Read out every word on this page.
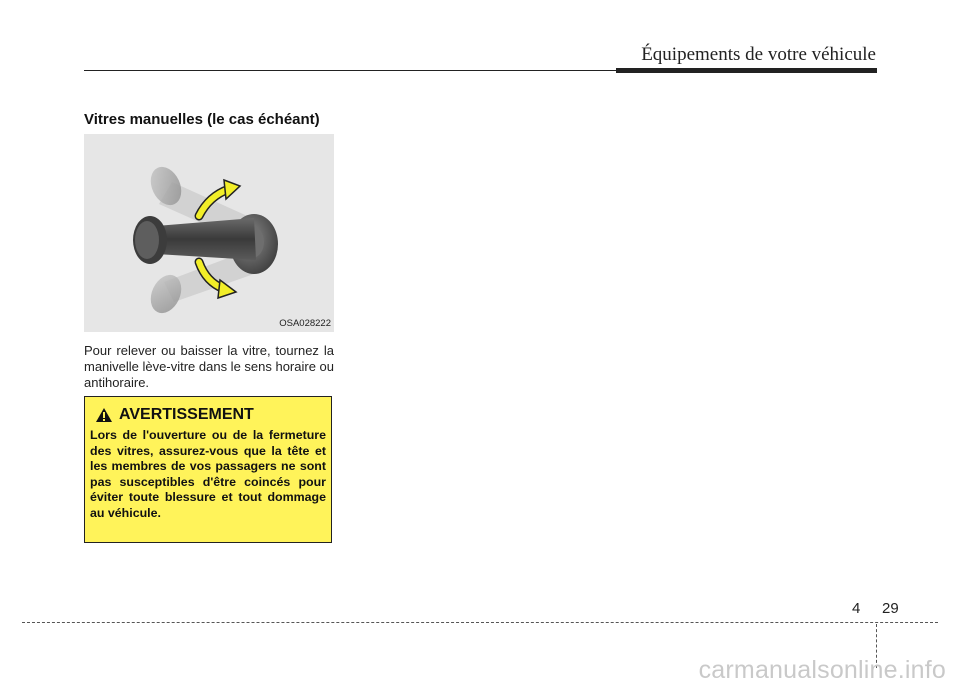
Équipements de votre véhicule
Vitres manuelles (le cas échéant)
OSA028222
Pour relever ou baisser la vitre, tournez la manivelle lève-vitre dans le sens horaire ou antihoraire.
AVERTISSEMENT
Lors de l'ouverture ou de la fermeture des vitres, assurez-vous que la tête et les membres de vos passagers ne sont pas susceptibles d'être coincés pour éviter toute blessure et tout dommage au véhicule.
4 29
carmanualsonline.info
